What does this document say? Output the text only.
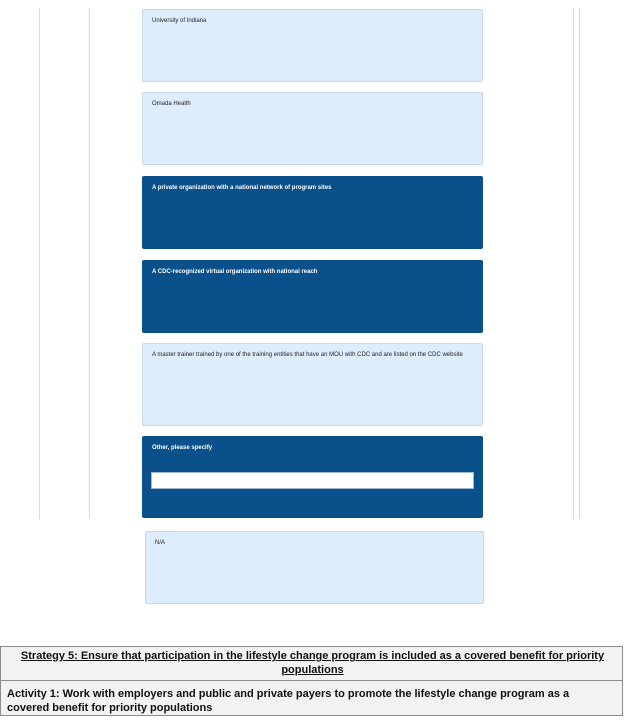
University of Indiana
Omada Health
A private organization with a national network of program sites
A CDC-recognized virtual organization with national reach
A master trainer trained by one of the training entities that have an MOU with CDC and are listed on the CDC website
Other, please specify
N/A
Strategy 5: Ensure that participation in the lifestyle change program is included as a covered benefit for priority populations
Activity 1: Work with employers and public and private payers to promote the lifestyle change program as a covered benefit for priority populations
